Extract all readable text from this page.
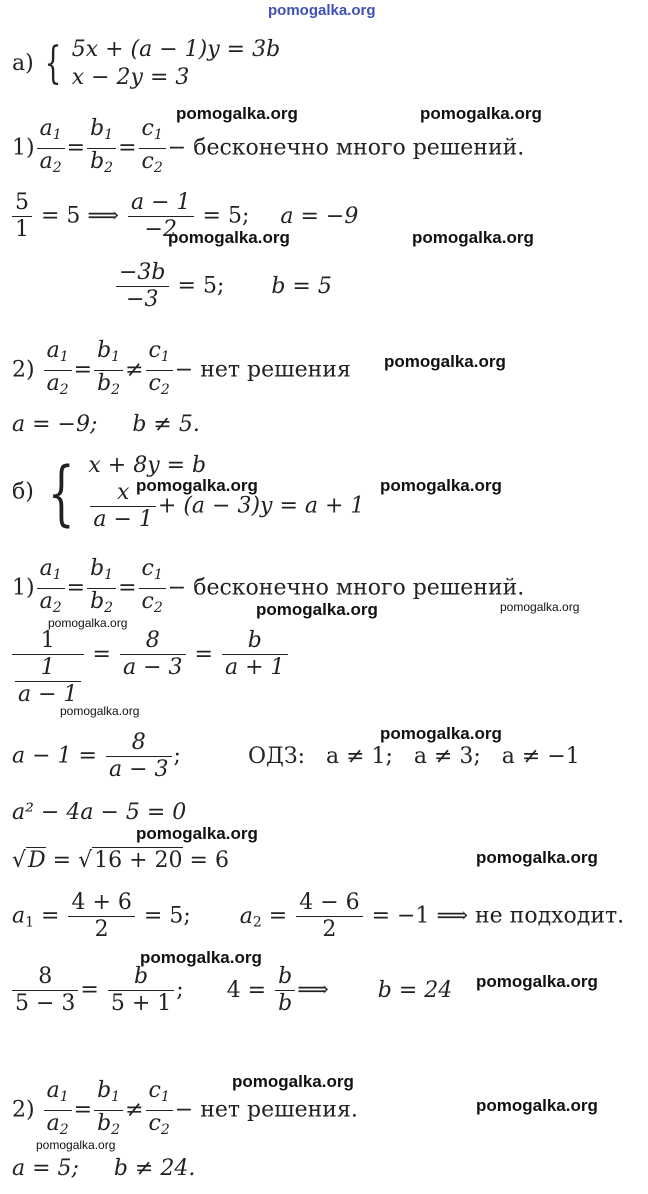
pomogalka.org
pomogalka.org	pomogalka.org
pomogalka.org	pomogalka.org
pomogalka.org
pomogalka.org	pomogalka.org
pomogalka.org	pomogalka.org
pomogalka.org
pomogalka.org
pomogalka.org
pomogalka.org
pomogalka.org
pomogalka.org
pomogalka.org
pomogalka.org
pomogalka.org
pomogalka.org
а) { 5x + (a − 1)y = 3b
x − 2y = 3
$1) \frac{a_1}{a_2} = \frac{b_1}{b_2} = \frac{c_1}{c_2}$ − бесконечно много решений.
$\frac{5}{1} = 5$ ⟹ $\frac{a - 1}{-2} = 5$; a = −9
$\frac{-3b}{-3} = 5$; b = 5
$2) \frac{a_1}{a_2} = \frac{b_1}{b_2} \ne \frac{c_1}{c_2}$ − нет решения
a = −9;     b ≠ 5.
б) { x + 8y = b
$\frac{x}{a - 1} + (a - 3)y = a + 1$
$1) \frac{a_1}{a_2} = \frac{b_1}{b_2} = \frac{c_1}{c_2}$ − бесконечно много решений.
$\frac{1}{\frac{1}{a - 1}} = \frac{8}{a - 3} = \frac{b}{a + 1}$
$a - 1 = \frac{8}{a - 3}$ ;	ОДЗ:   a ≠ 1;   a ≠ 3;   a ≠ −1
a² − 4a − 5 = 0
√D = √16 + 20 = 6
$a_1 = \frac{4 + 6}{2} = 5$; $a_2 = \frac{4 - 6}{2} = -1$ ⟹ не подходит.
$\frac{8}{5 - 3} = \frac{b}{5 + 1}$ ; $4 = \frac{b}{b}$ ⟹ b = 24
$2) \frac{a_1}{a_2} = \frac{b_1}{b_2} \ne \frac{c_1}{c_2}$ − нет решения.
a = 5;     b ≠ 24.
